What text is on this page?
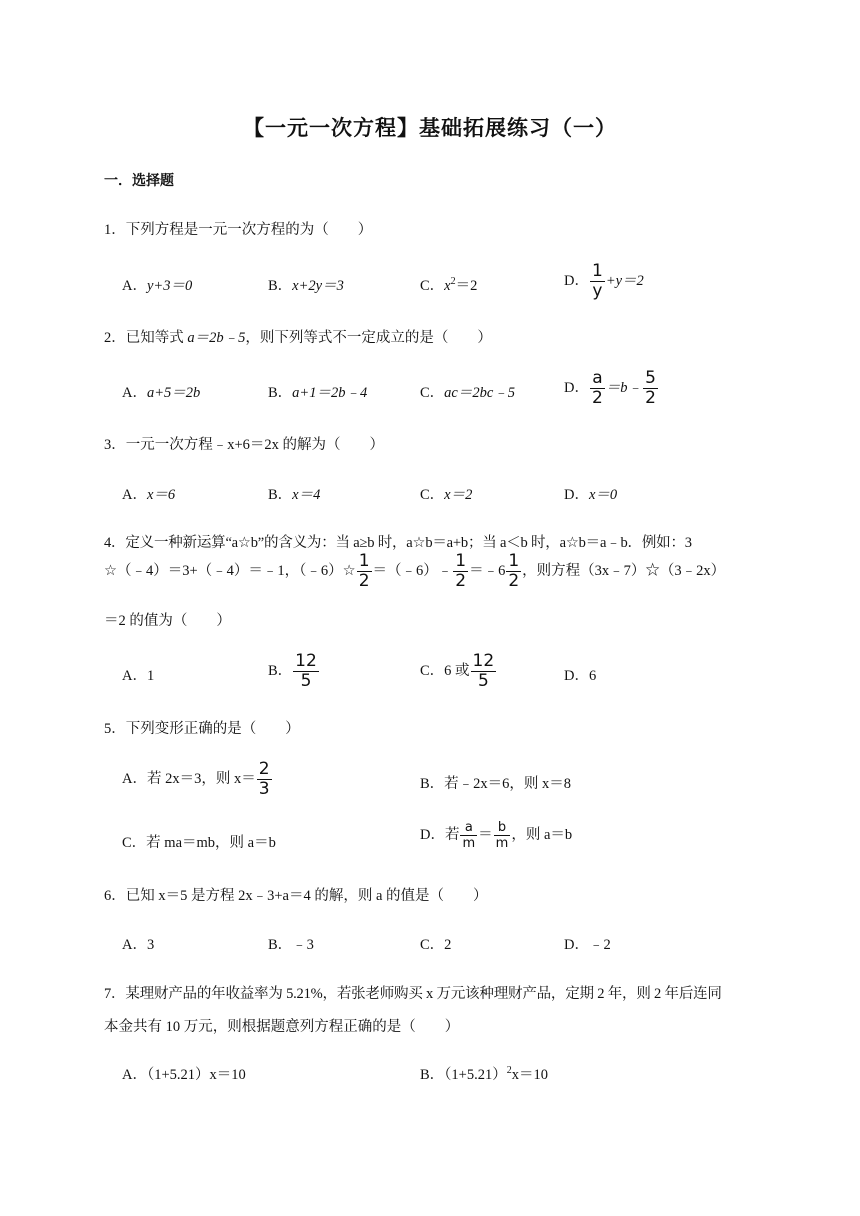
【一元一次方程】基础拓展练习（一）
一．选择题
1．下列方程是一元一次方程的为（　　）
A．y+3＝0	B．x+2y＝3	C．$x^2=2$	D． $\frac{1}{y} +y=2$
2．已知等式 a＝2b﹣5，则下列等式不一定成立的是（　　）
A．a+5＝2b	B．a+1＝2b﹣4	C．ac＝2bc﹣5	D． $\frac{a}{2}$ ＝b﹣ $\frac{5}{2}$
3．一元一次方程﹣x+6＝2x 的解为（　　）
A．x＝6	B．x＝4	C．x＝2	D．x＝0
4．定义一种新运算“a☆b”的含义为：当 a≥b 时，a☆b＝a+b；当 a＜b 时，a☆b＝a﹣b．例如：3
☆（﹣4）＝3+（﹣4）＝﹣1，（﹣6）☆ $\frac{1}{2}$ ＝（﹣6）﹣ $\frac{1}{2}$ ＝﹣6 $\frac{1}{2}$ ，则方程（3x﹣7）☆（3﹣2x）
＝2 的值为（　　）
A．1	B． $\frac{12}{5}$	C．6 或 $\frac{12}{5}$	D．6
5．下列变形正确的是（　　）
A．若 2x＝3，则 $x= \frac{2}{3}$	B．若﹣2x＝6，则 x＝8
C．若 ma＝mb，则 a＝b
D．若 $\frac{a}{m} = \frac{b}{m}$ ，则 a＝b
6．已知 x＝5 是方程 2x﹣3+a＝4 的解，则 a 的值是（　　）
A．3	B．﹣3	C．2	D．﹣2
7．某理财产品的年收益率为 5.21%，若张老师购买 x 万元该种理财产品，定期 2 年，则 2 年后连同
本金共有 10 万元，则根据题意列方程正确的是（　　）
A．（1+5.21）x＝10	B．$(1+5.21)^2x=10$
